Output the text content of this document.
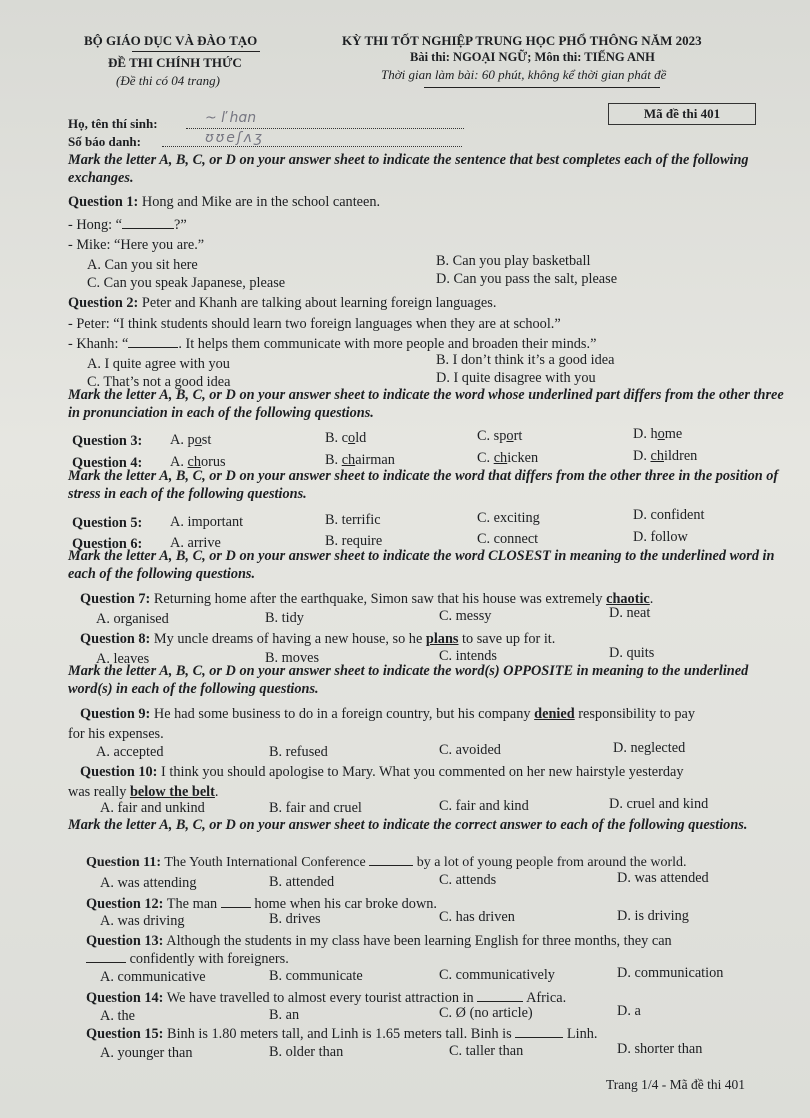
BỘ GIÁO DỤC VÀ ĐÀO TẠO
ĐỀ THI CHÍNH THỨC
(Đề thi có 04 trang)
KỲ THI TỐT NGHIỆP TRUNG HỌC PHỔ THÔNG NĂM 2023
Bài thi: NGOẠI NGỮ; Môn thi: TIẾNG ANH
Thời gian làm bài: 60 phút, không kể thời gian phát đề
Họ, tên thí sinh:	~ ľ hɑn
Số báo danh:	ʊʊeʃʌʒ
Mã đề thi 401
Mark the letter A, B, C, or D on your answer sheet to indicate the sentence that best completes each of the following exchanges.
Question 1: Hong and Mike are in the school canteen.
- Hong: “	?”
- Mike: “Here you are.”
A. Can you sit here	B. Can you play basketball
C. Can you speak Japanese, please	D. Can you pass the salt, please
Question 2: Peter and Khanh are talking about learning foreign languages.
- Peter: “I think students should learn two foreign languages when they are at school.”
- Khanh: “	. It helps them communicate with more people and broaden their minds.”
A. I quite agree with you	B. I don’t think it’s a good idea
C. That’s not a good idea	D. I quite disagree with you
Mark the letter A, B, C, or D on your answer sheet to indicate the word whose underlined part differs from the other three in pronunciation in each of the following questions.
Question 3: A. post	B. cold	C. sport	D. home
Question 4: A. chorus	B. chairman	C. chicken	D. children
Mark the letter A, B, C, or D on your answer sheet to indicate the word that differs from the other three in the position of stress in each of the following questions.
Question 5: A. important	B. terrific	C. exciting	D. confident
Question 6: A. arrive	B. require	C. connect	D. follow
Mark the letter A, B, C, or D on your answer sheet to indicate the word CLOSEST in meaning to the underlined word in each of the following questions.
Question 7: Returning home after the earthquake, Simon saw that his house was extremely chaotic.
A. organised	B. tidy	C. messy	D. neat
Question 8: My uncle dreams of having a new house, so he plans to save up for it.
A. leaves	B. moves	C. intends	D. quits
Mark the letter A, B, C, or D on your answer sheet to indicate the word(s) OPPOSITE in meaning to the underlined word(s) in each of the following questions.
Question 9: He had some business to do in a foreign country, but his company denied responsibility to pay
for his expenses.
A. accepted	B. refused	C. avoided	D. neglected
Question 10: I think you should apologise to Mary. What you commented on her new hairstyle yesterday
was really below the belt.
A. fair and unkind	B. fair and cruel	C. fair and kind	D. cruel and kind
Mark the letter A, B, C, or D on your answer sheet to indicate the correct answer to each of the following questions.
Question 11: The Youth International Conference	by a lot of young people from around the world.
A. was attending	B. attended	C. attends	D. was attended
Question 12: The man  home when his car broke down.
A. was driving	B. drives	C. has driven	D. is driving
Question 13: Although the students in my class have been learning English for three months, they can
confidently with foreigners.
A. communicative	B. communicate	C. communicatively	D. communication
Question 14: We have travelled to almost every tourist attraction in	Africa.
A. the	B. an	C. Ø (no article)	D. a
Question 15: Binh is 1.80 meters tall, and Linh is 1.65 meters tall. Binh is	Linh.
A. younger than	B. older than	C. taller than	D. shorter than
Trang 1/4 - Mã đề thi 401
